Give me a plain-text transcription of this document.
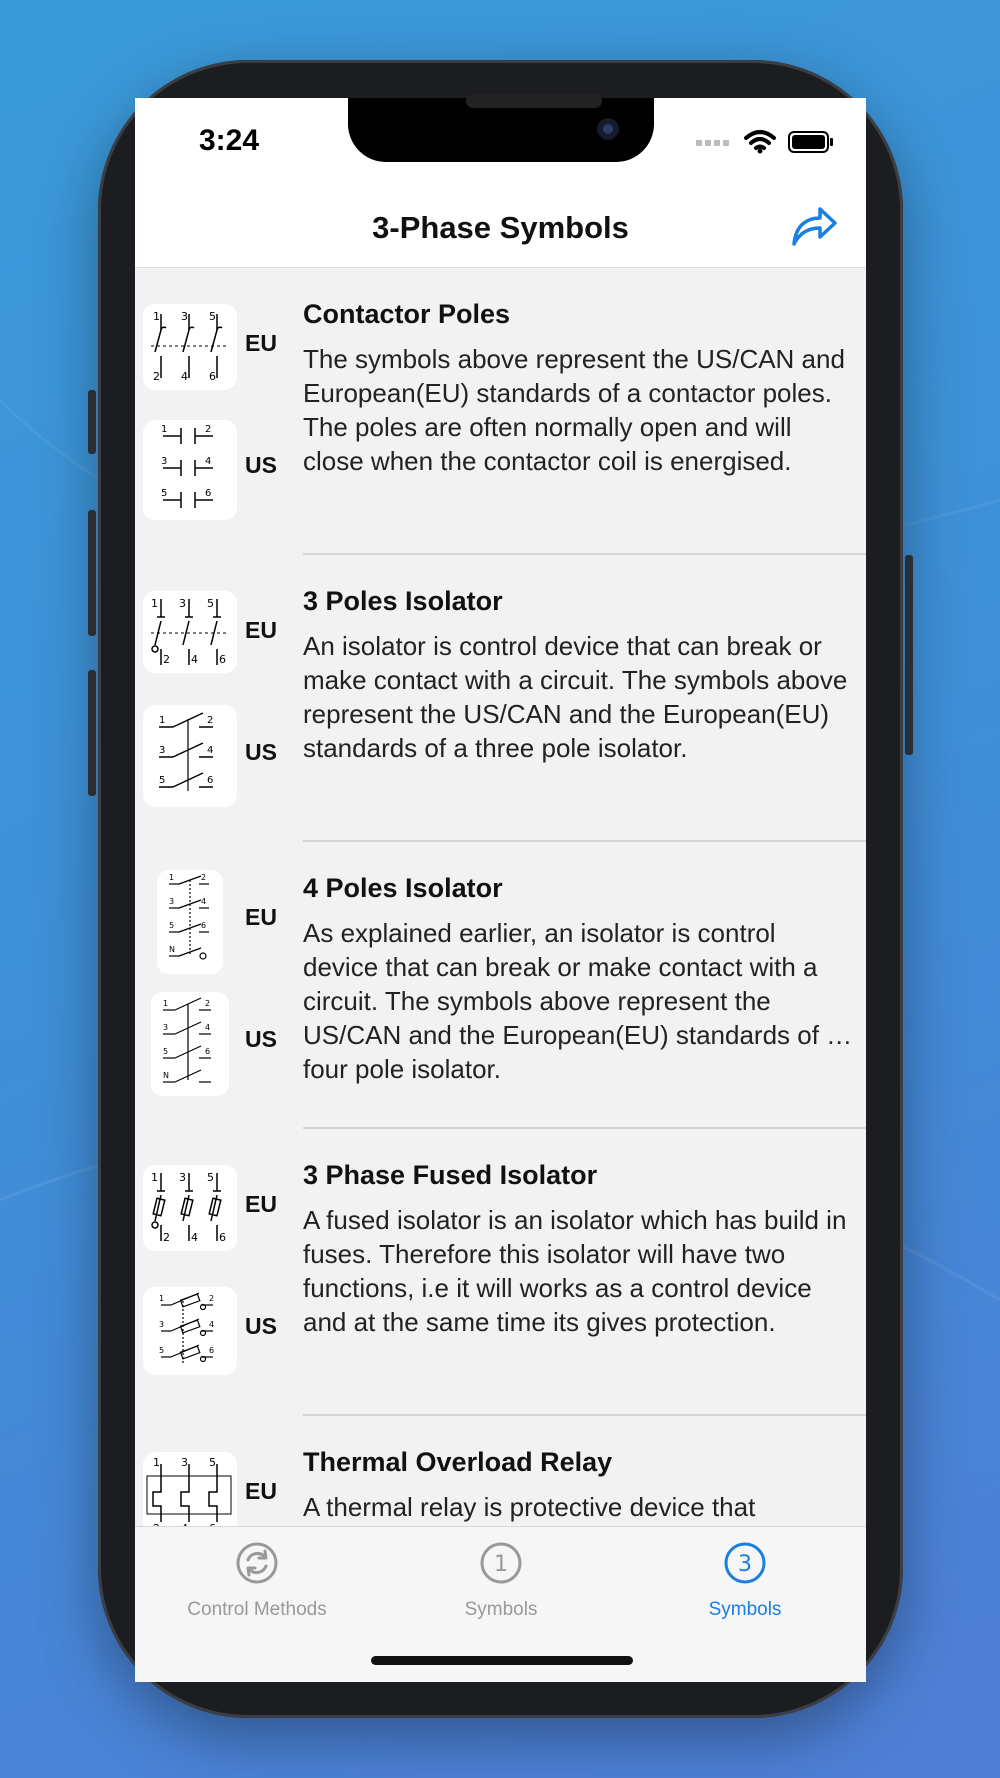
3:24
3-Phase Symbols
1 3 5
2 4 6
EU
1	2
3	4
5	6
US
Contactor Poles
The symbols above represent the US/CAN and European(EU) standards of a contactor poles. The poles are often normally open and will close when the contactor coil is energised.
1 3 5
2 4 6
EU
1	2
3	4
5	6
US
3 Poles Isolator
An isolator is control device that can break or make contact with a circuit. The symbols above represent the US/CAN and the European(EU) standards of a three pole isolator.
1	2
3	4
5	6
N
EU
1	2
3	4
5	6
N
US
4 Poles Isolator
As explained earlier, an isolator is control device that can break or make contact with a circuit. The symbols above represent the US/CAN and the European(EU) standards of a four pole isolator.
1 3 5
2 4 6
EU
1	2
3	4
5	6
US
3 Phase Fused Isolator
A fused isolator is an isolator which has build in fuses. Therefore this isolator will have two functions, i.e it will works as a control device and at the same time its gives protection.
1 3 5
EU
Thermal Overload Relay
A thermal relay is protective device that
Control Methods
1
Symbols
3
Symbols
